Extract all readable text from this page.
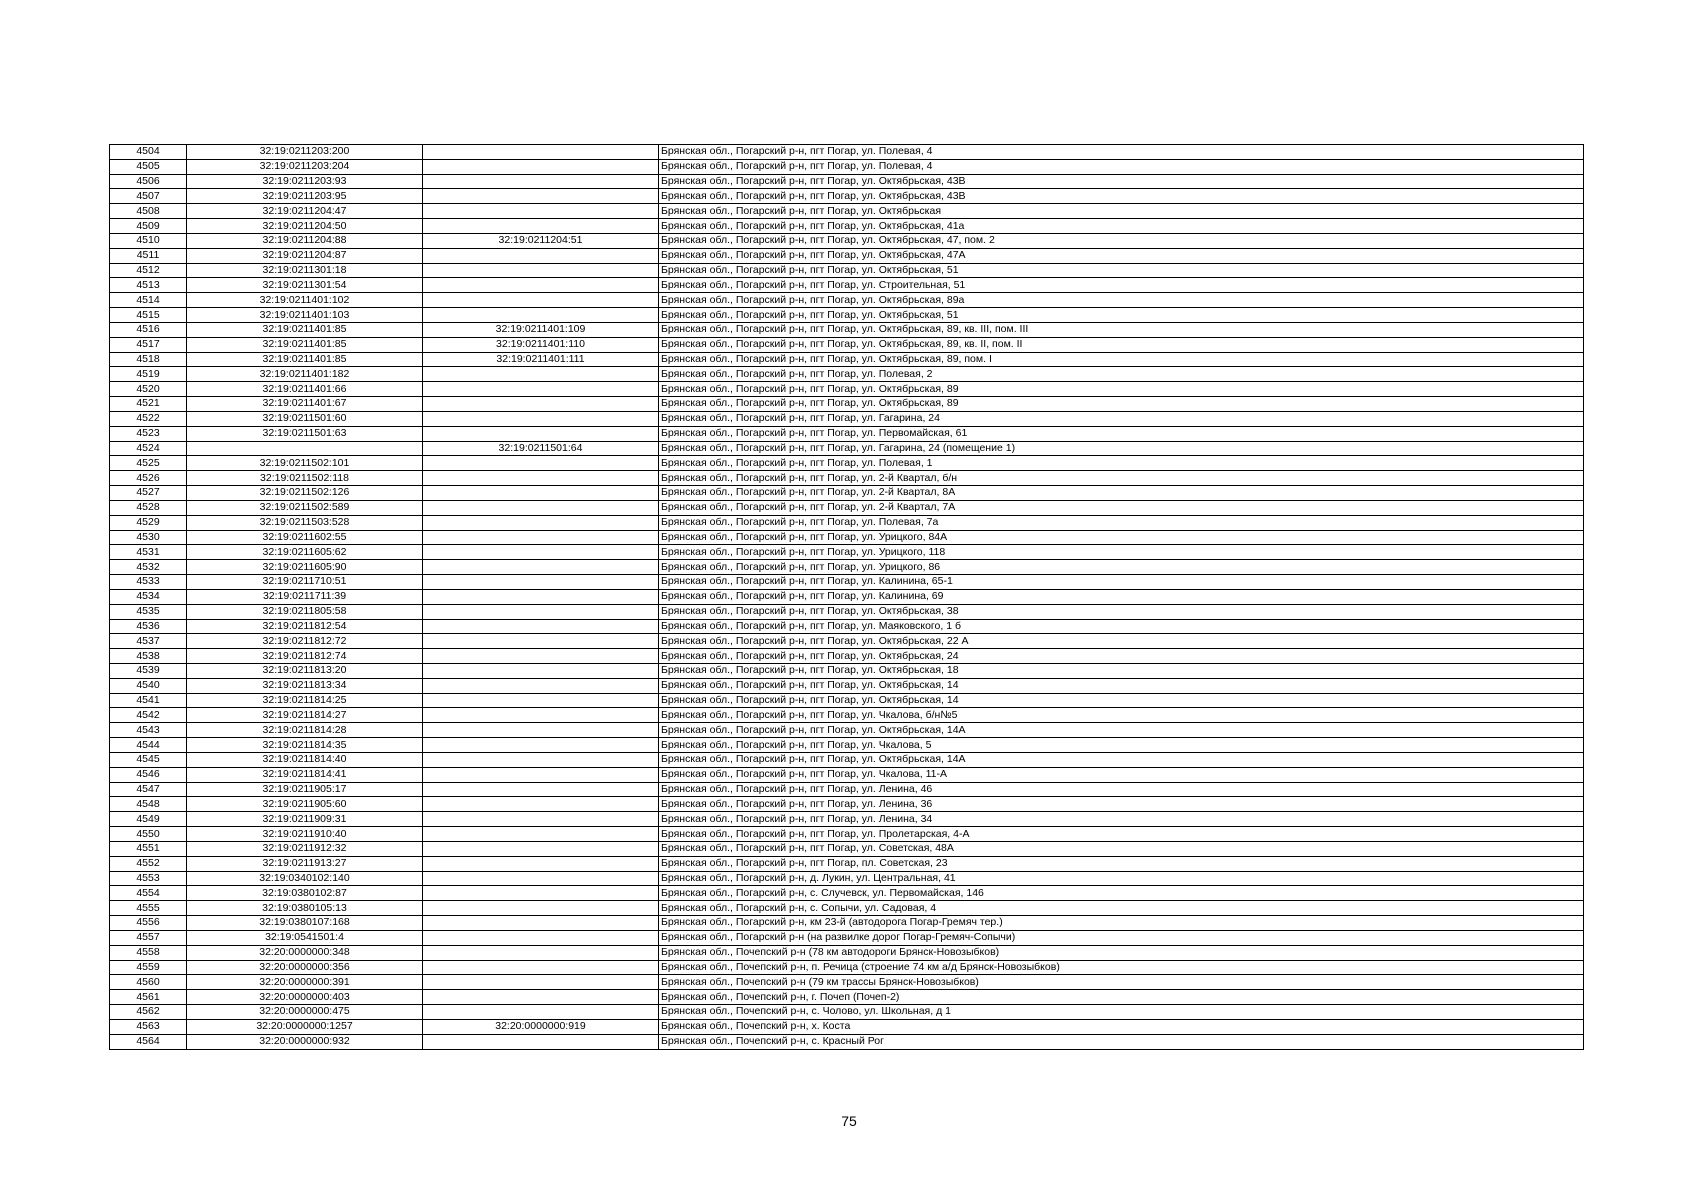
4504	32:19:0211203:200		Брянская обл., Погарский р-н, пгт Погар, ул. Полевая, 4
4505	32:19:0211203:204		Брянская обл., Погарский р-н, пгт Погар, ул. Полевая, 4
4506	32:19:0211203:93		Брянская обл., Погарский р-н, пгт Погар, ул. Октябрьская, 43В
4507	32:19:0211203:95		Брянская обл., Погарский р-н, пгт Погар, ул. Октябрьская, 43В
4508	32:19:0211204:47		Брянская обл., Погарский р-н, пгт Погар, ул. Октябрьская
4509	32:19:0211204:50		Брянская обл., Погарский р-н, пгт Погар, ул. Октябрьская, 41а
4510	32:19:0211204:88	32:19:0211204:51	Брянская обл., Погарский р-н, пгт Погар, ул. Октябрьская, 47, пом. 2
4511	32:19:0211204:87		Брянская обл., Погарский р-н, пгт Погар, ул. Октябрьская, 47А
4512	32:19:0211301:18		Брянская обл., Погарский р-н, пгт Погар, ул. Октябрьская, 51
4513	32:19:0211301:54		Брянская обл., Погарский р-н, пгт Погар, ул. Строительная, 51
4514	32:19:0211401:102		Брянская обл., Погарский р-н, пгт Погар, ул. Октябрьская, 89а
4515	32:19:0211401:103		Брянская обл., Погарский р-н, пгт Погар, ул. Октябрьская, 51
4516	32:19:0211401:85	32:19:0211401:109	Брянская обл., Погарский р-н, пгт Погар, ул. Октябрьская, 89, кв. III, пом. III
4517	32:19:0211401:85	32:19:0211401:110	Брянская обл., Погарский р-н, пгт Погар, ул. Октябрьская, 89, кв. II, пом. II
4518	32:19:0211401:85	32:19:0211401:111	Брянская обл., Погарский р-н, пгт Погар, ул. Октябрьская, 89, пом. I
4519	32:19:0211401:182		Брянская обл., Погарский р-н, пгт Погар, ул. Полевая, 2
4520	32:19:0211401:66		Брянская обл., Погарский р-н, пгт Погар, ул. Октябрьская, 89
4521	32:19:0211401:67		Брянская обл., Погарский р-н, пгт Погар, ул. Октябрьская, 89
4522	32:19:0211501:60		Брянская обл., Погарский р-н, пгт Погар, ул. Гагарина, 24
4523	32:19:0211501:63		Брянская обл., Погарский р-н, пгт Погар, ул. Первомайская, 61
4524		32:19:0211501:64	Брянская обл., Погарский р-н, пгт Погар, ул. Гагарина, 24 (помещение 1)
4525	32:19:0211502:101		Брянская обл., Погарский р-н, пгт Погар, ул. Полевая, 1
4526	32:19:0211502:118		Брянская обл., Погарский р-н, пгт Погар, ул. 2-й Квартал, б/н
4527	32:19:0211502:126		Брянская обл., Погарский р-н, пгт Погар, ул. 2-й Квартал, 8А
4528	32:19:0211502:589		Брянская обл., Погарский р-н, пгт Погар, ул. 2-й Квартал, 7А
4529	32:19:0211503:528		Брянская обл., Погарский р-н, пгт Погар, ул. Полевая, 7а
4530	32:19:0211602:55		Брянская обл., Погарский р-н, пгт Погар, ул. Урицкого, 84А
4531	32:19:0211605:62		Брянская обл., Погарский р-н, пгт Погар, ул. Урицкого, 118
4532	32:19:0211605:90		Брянская обл., Погарский р-н, пгт Погар, ул. Урицкого, 86
4533	32:19:0211710:51		Брянская обл., Погарский р-н, пгт Погар, ул. Калинина, 65-1
4534	32:19:0211711:39		Брянская обл., Погарский р-н, пгт Погар, ул. Калинина, 69
4535	32:19:0211805:58		Брянская обл., Погарский р-н, пгт Погар, ул. Октябрьская, 38
4536	32:19:0211812:54		Брянская обл., Погарский р-н, пгт Погар, ул. Маяковского, 1 б
4537	32:19:0211812:72		Брянская обл., Погарский р-н, пгт Погар, ул. Октябрьская, 22 А
4538	32:19:0211812:74		Брянская обл., Погарский р-н, пгт Погар, ул. Октябрьская, 24
4539	32:19:0211813:20		Брянская обл., Погарский р-н, пгт Погар, ул. Октябрьская, 18
4540	32:19:0211813:34		Брянская обл., Погарский р-н, пгт Погар, ул. Октябрьская, 14
4541	32:19:0211814:25		Брянская обл., Погарский р-н, пгт Погар, ул. Октябрьская, 14
4542	32:19:0211814:27		Брянская обл., Погарский р-н, пгт Погар, ул. Чкалова, б/н№5
4543	32:19:0211814:28		Брянская обл., Погарский р-н, пгт Погар, ул. Октябрьская, 14А
4544	32:19:0211814:35		Брянская обл., Погарский р-н, пгт Погар, ул. Чкалова, 5
4545	32:19:0211814:40		Брянская обл., Погарский р-н, пгт Погар, ул. Октябрьская, 14А
4546	32:19:0211814:41		Брянская обл., Погарский р-н, пгт Погар, ул. Чкалова, 11-А
4547	32:19:0211905:17		Брянская обл., Погарский р-н, пгт Погар, ул. Ленина, 46
4548	32:19:0211905:60		Брянская обл., Погарский р-н, пгт Погар, ул. Ленина, 36
4549	32:19:0211909:31		Брянская обл., Погарский р-н, пгт Погар, ул. Ленина, 34
4550	32:19:0211910:40		Брянская обл., Погарский р-н, пгт Погар, ул. Пролетарская, 4-А
4551	32:19:0211912:32		Брянская обл., Погарский р-н, пгт Погар, ул. Советская, 48А
4552	32:19:0211913:27		Брянская обл., Погарский р-н, пгт Погар, пл. Советская, 23
4553	32:19:0340102:140		Брянская обл., Погарский р-н, д. Лукин, ул. Центральная, 41
4554	32:19:0380102:87		Брянская обл., Погарский р-н, с. Случевск, ул. Первомайская, 146
4555	32:19:0380105:13		Брянская обл., Погарский р-н, с. Сопычи, ул. Садовая, 4
4556	32:19:0380107:168		Брянская обл., Погарский р-н, км 23-й (автодорога Погар-Гремяч тер.)
4557	32:19:0541501:4		Брянская обл., Погарский р-н (на развилке дорог Погар-Гремяч-Сопычи)
4558	32:20:0000000:348		Брянская обл., Почепский р-н (78 км автодороги Брянск-Новозыбков)
4559	32:20:0000000:356		Брянская обл., Почепский р-н, п. Речица (строение 74 км а/д Брянск-Новозыбков)
4560	32:20:0000000:391		Брянская обл., Почепский р-н (79 км трассы Брянск-Новозыбков)
4561	32:20:0000000:403		Брянская обл., Почепский р-н, г. Почеп (Почеп-2)
4562	32:20:0000000:475		Брянская обл., Почепский р-н, с. Чолово, ул. Школьная, д 1
4563	32:20:0000000:1257	32:20:0000000:919	Брянская обл., Почепский р-н, х. Коста
4564	32:20:0000000:932		Брянская обл., Почепский р-н, с. Красный Рог
75
